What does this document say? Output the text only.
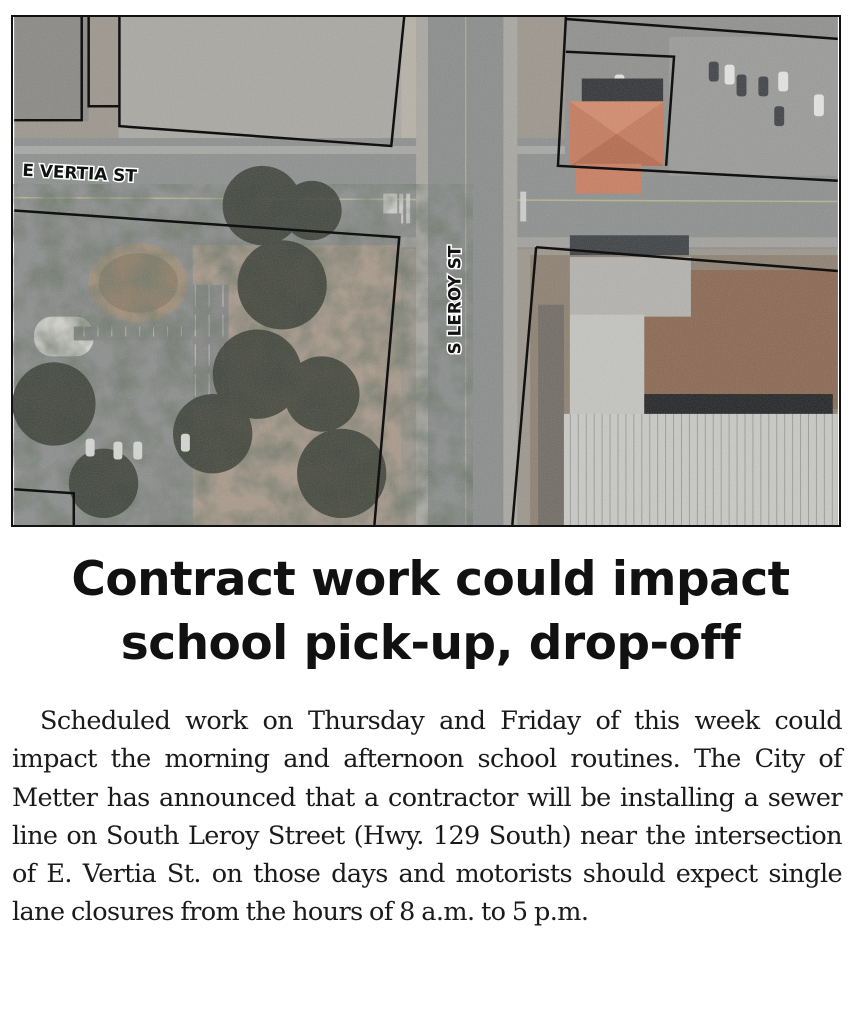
E VERTIA ST
S LEROY ST
Contract work could impact
school pick-up, drop-off

Scheduled work on Thursday and Friday of this week could impact the morning and afternoon school routines. The City of Metter has announced that a contractor will be installing a sewer line on South Leroy Street (Hwy. 129 South) near the intersection of E. Vertia St. on those days and motorists should expect single lane closures from the hours of 8 a.m. to 5 p.m.
